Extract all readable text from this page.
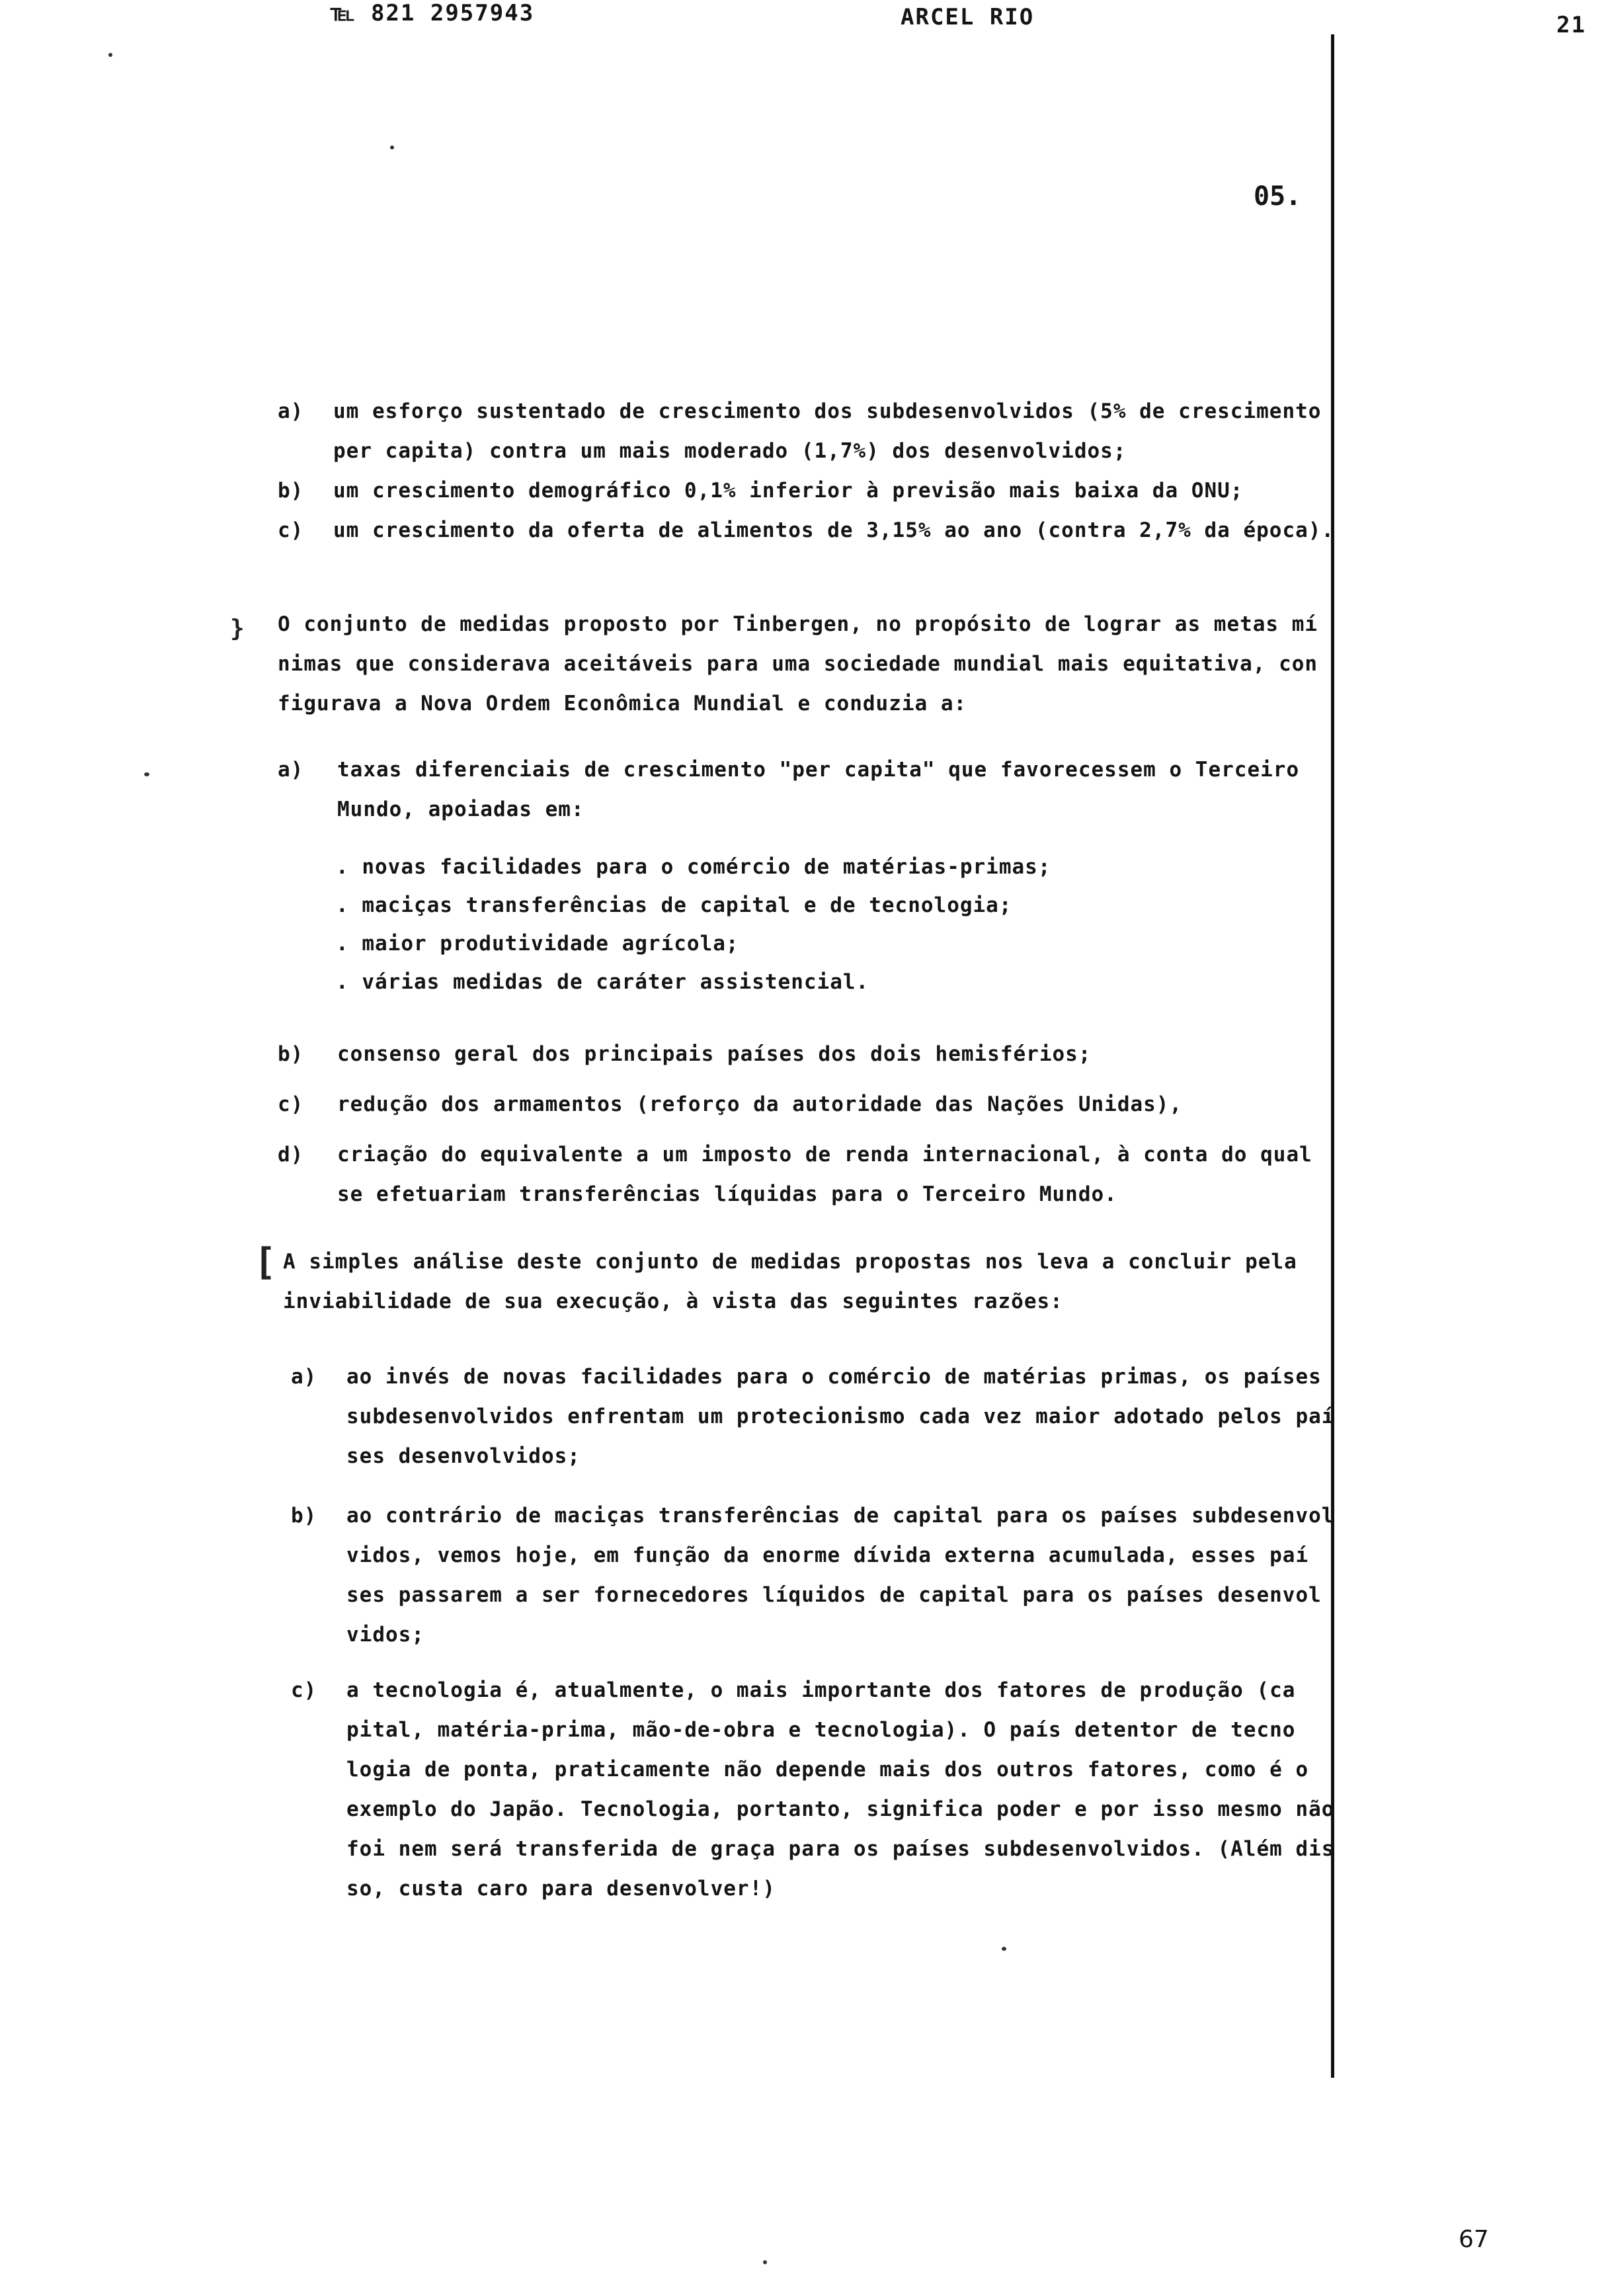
℡ 821 2957943	ARCEL RIO	21
05.
}
[
a) um esforço sustentado de crescimento dos subdesenvolvidos (5% de crescimento
per capita) contra um mais moderado (1,7%) dos desenvolvidos;
b) um crescimento demográfico 0,1% inferior à previsão mais baixa da ONU;
c) um crescimento da oferta de alimentos de 3,15% ao ano (contra 2,7% da época).
O conjunto de medidas proposto por Tinbergen, no propósito de lograr as metas mí
nimas que considerava aceitáveis para uma sociedade mundial mais equitativa, con
figurava a Nova Ordem Econômica Mundial e conduzia a:
a) taxas diferenciais de crescimento "per capita" que favorecessem o Terceiro
Mundo, apoiadas em:
. novas facilidades para o comércio de matérias-primas;
. maciças transferências de capital e de tecnologia;
. maior produtividade agrícola;
. várias medidas de caráter assistencial.
b) consenso geral dos principais países dos dois hemisférios;
c) redução dos armamentos (reforço da autoridade das Nações Unidas),
d) criação do equivalente a um imposto de renda internacional, à conta do qual
se efetuariam transferências líquidas para o Terceiro Mundo.
A simples análise deste conjunto de medidas propostas nos leva a concluir pela
inviabilidade de sua execução, à vista das seguintes razões:
a) ao invés de novas facilidades para o comércio de matérias primas, os países
subdesenvolvidos enfrentam um protecionismo cada vez maior adotado pelos paí
ses desenvolvidos;
b) ao contrário de maciças transferências de capital para os países subdesenvol
vidos, vemos hoje, em função da enorme dívida externa acumulada, esses paí
ses passarem a ser fornecedores líquidos de capital para os países desenvol
vidos;
c) a tecnologia é, atualmente, o mais importante dos fatores de produção (ca
pital, matéria-prima, mão-de-obra e tecnologia). O país detentor de tecno
logia de ponta, praticamente não depende mais dos outros fatores, como é o
exemplo do Japão. Tecnologia, portanto, significa poder e por isso mesmo não
foi nem será transferida de graça para os países subdesenvolvidos. (Além dis
so, custa caro para desenvolver!)
67
